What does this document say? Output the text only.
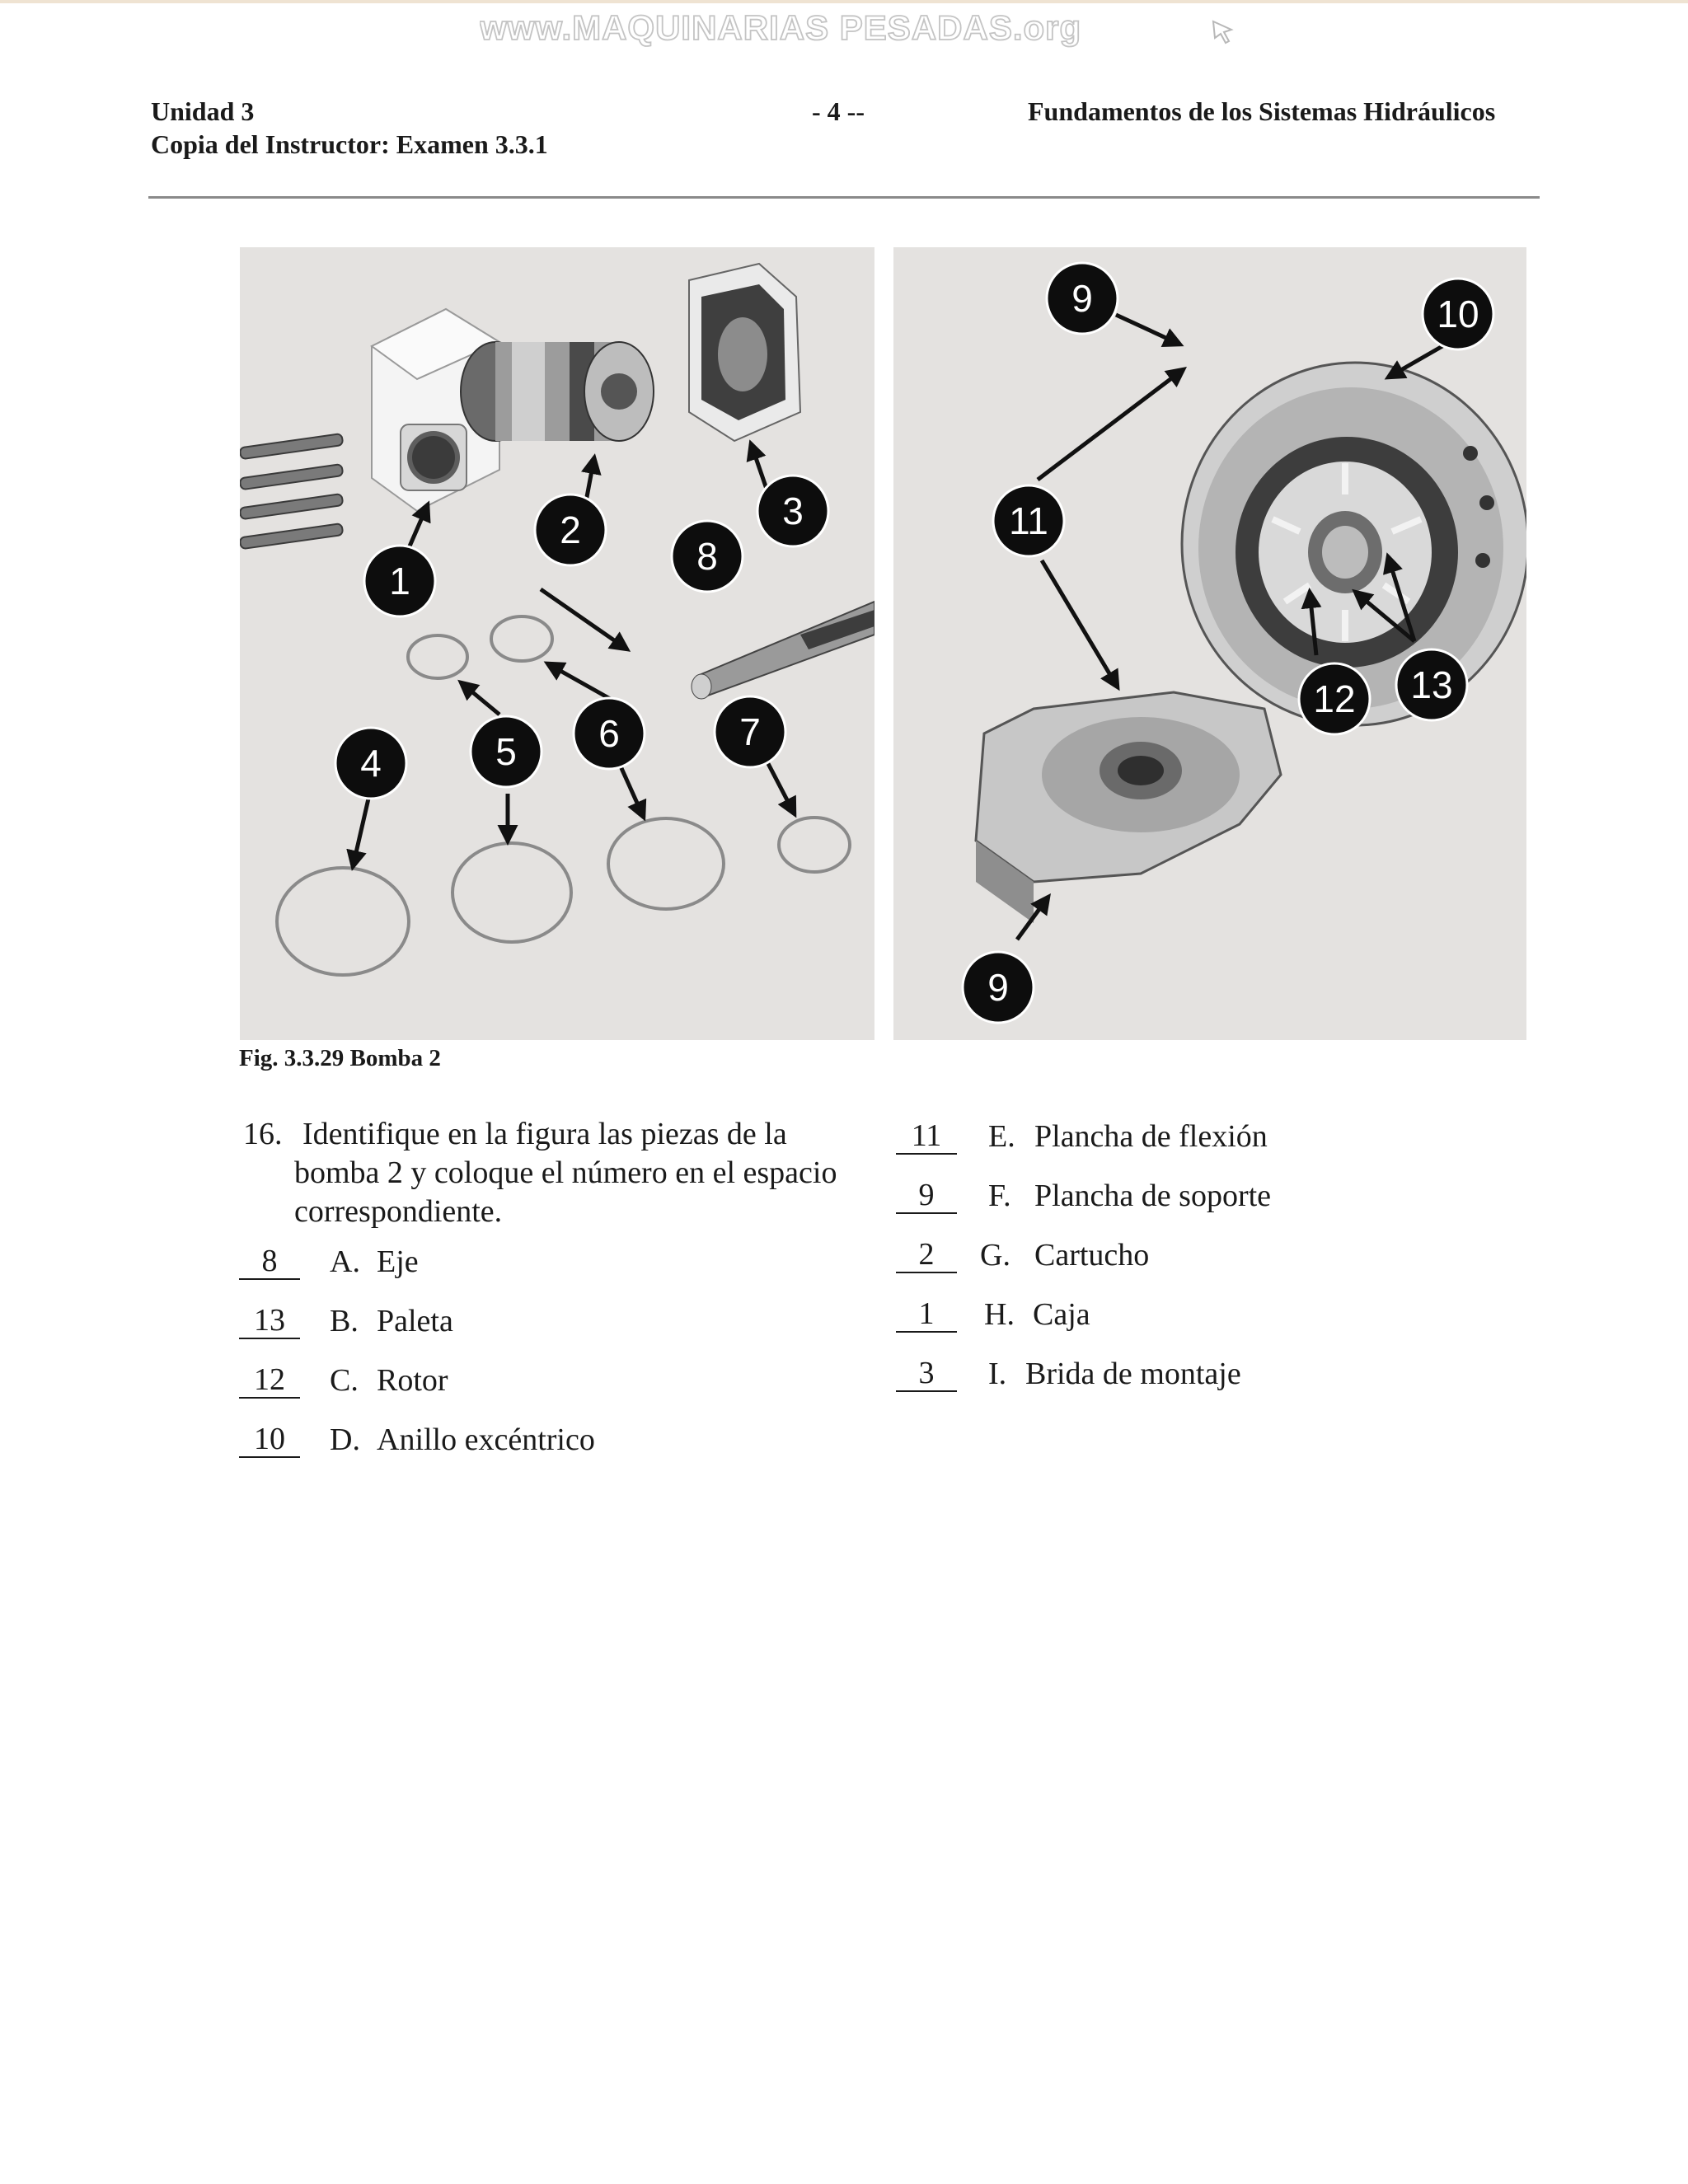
www.MAQUINARIAS PESADAS.org
Unidad 3	- 4 --	Fundamentos de los Sistemas Hidráulicos
Copia del Instructor: Examen 3.3.1
1
2	3
8
4	5 6	7
9	10
11
12 13
9
Fig. 3.3.29 Bomba 2
16. Identifique en la figura las piezas de la
bomba 2 y coloque el número en el espacio
correspondiente.
8	A. Eje
13	B. Paleta
12	C. Rotor
10	D. Anillo excéntrico
11	E. Plancha de flexión
9	F. Plancha de soporte
2	G. Cartucho
1	H. Caja
3	I. Brida de montaje
